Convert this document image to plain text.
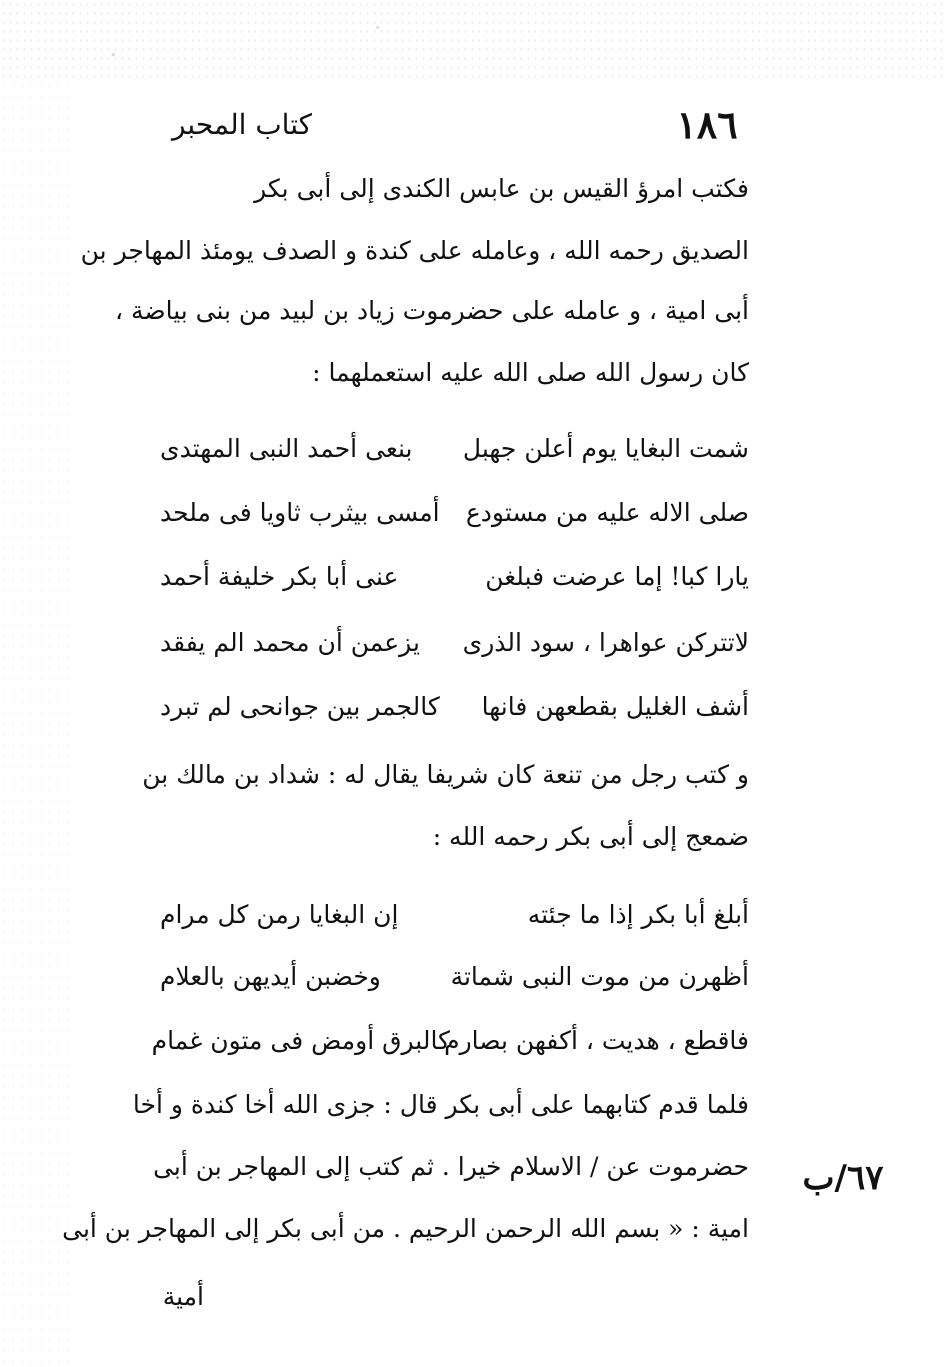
١٨٦
كتاب المحبر
فكتب امرؤ القيس بن عابس الكندى إلى أبى بكر
الصديق رحمه الله ، وعامله على كندة و الصدف يومئذ المهاجر بن
أبى امية ، و عامله على حضرموت زياد بن لبيد من بنى بياضة ،
كان رسول الله صلى الله عليه استعملهما :
شمت البغايا يوم أعلن جهبل
بنعى أحمد النبى المهتدى
صلى الاله عليه من مستودع
أمسى بيثرب ثاويا فى ملحد
يارا كبا! إما عرضت فبلغن
عنى أبا بكر خليفة أحمد
لاتتركن عواهرا ، سود الذرى
يزعمن أن محمد الم يفقد
أشف الغليل بقطعهن فانها
كالجمر بين جوانحى لم تبرد
و كتب رجل من تنعة كان شريفا يقال له : شداد بن مالك بن
ضمعج إلى أبى بكر رحمه الله :
أبلغ أبا بكر إذا ما جئته
إن البغايا رمن كل مرام
أظهرن من موت النبى شماتة
وخضبن أيديهن بالعلام
فاقطع ، هديت ، أكفهن بصارم
كالبرق أومض فى متون غمام
فلما قدم كتابهما على أبى بكر قال : جزى الله أخا كندة و أخا
حضرموت عن / الاسلام خيرا . ثم كتب إلى المهاجر بن أبى
امية : « بسم الله الرحمن الرحيم . من أبى بكر إلى المهاجر بن أبى
أمية
٦٧/ب
